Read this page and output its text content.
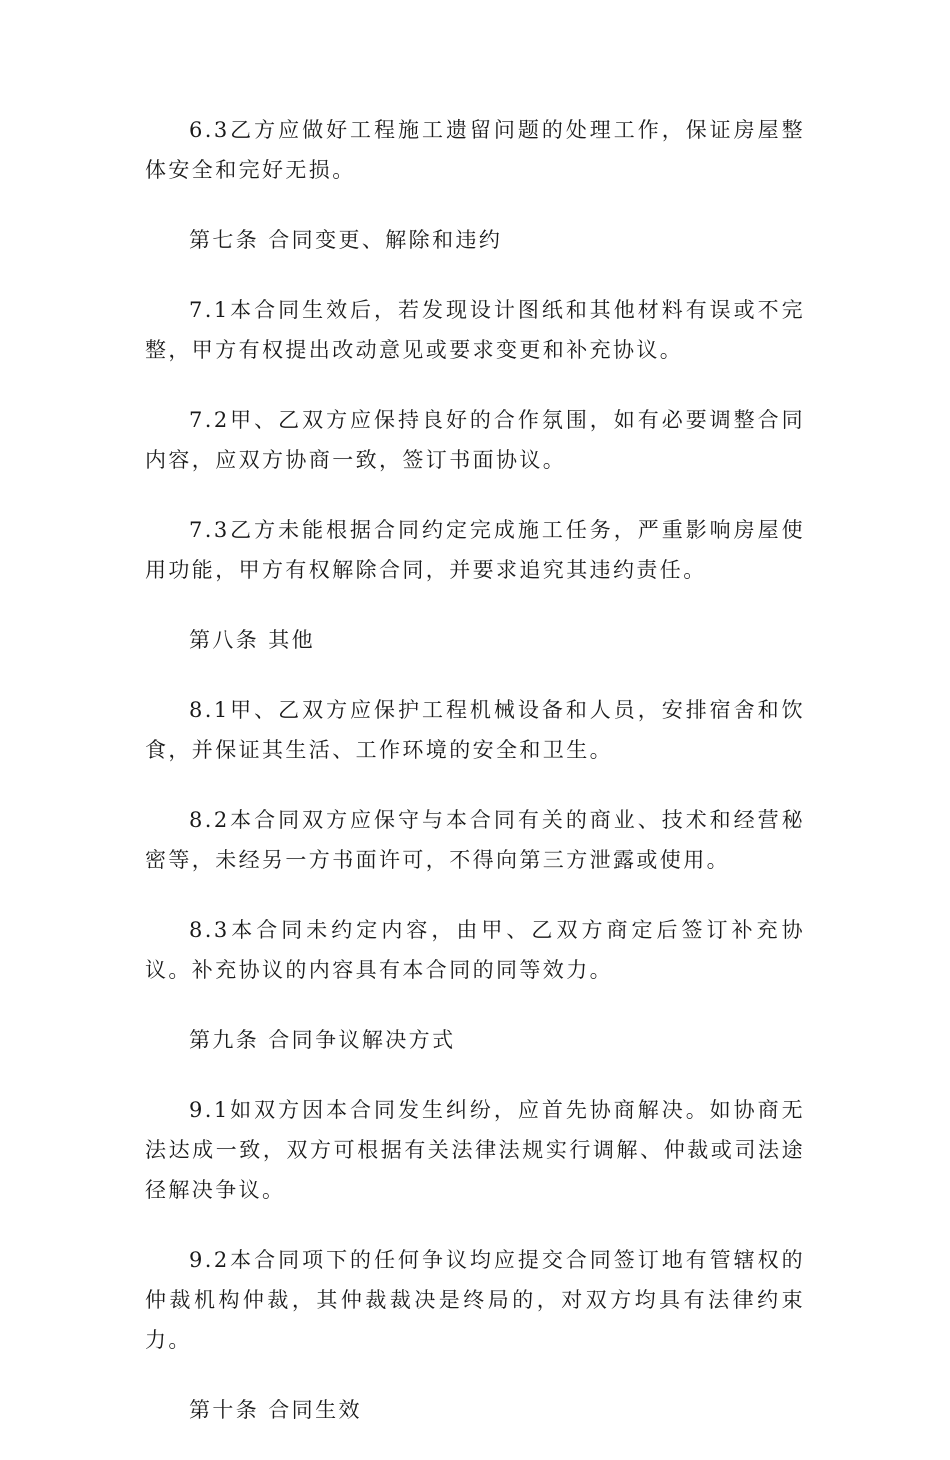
6.3乙方应做好工程施工遗留问题的处理工作，保证房屋整体安全和完好无损。

第七条 合同变更、解除和违约

7.1本合同生效后，若发现设计图纸和其他材料有误或不完整，甲方有权提出改动意见或要求变更和补充协议。

7.2甲、乙双方应保持良好的合作氛围，如有必要调整合同内容，应双方协商一致，签订书面协议。

7.3乙方未能根据合同约定完成施工任务，严重影响房屋使用功能，甲方有权解除合同，并要求追究其违约责任。

第八条 其他

8.1甲、乙双方应保护工程机械设备和人员，安排宿舍和饮食，并保证其生活、工作环境的安全和卫生。

8.2本合同双方应保守与本合同有关的商业、技术和经营秘密等，未经另一方书面许可，不得向第三方泄露或使用。

8.3本合同未约定内容，由甲、乙双方商定后签订补充协议。补充协议的内容具有本合同的同等效力。

第九条 合同争议解决方式

9.1如双方因本合同发生纠纷，应首先协商解决。如协商无法达成一致，双方可根据有关法律法规实行调解、仲裁或司法途径解决争议。

9.2本合同项下的任何争议均应提交合同签订地有管辖权的仲裁机构仲裁，其仲裁裁决是终局的，对双方均具有法律约束力。

第十条 合同生效
